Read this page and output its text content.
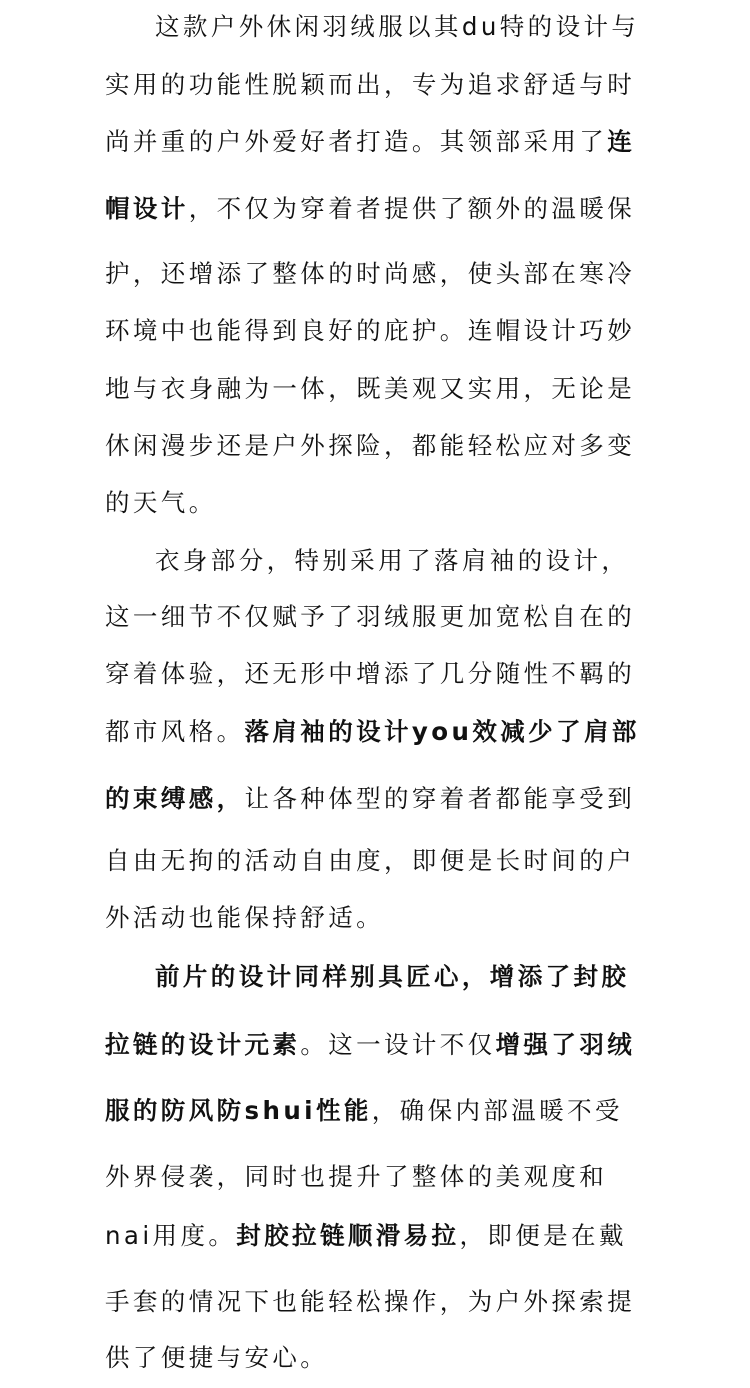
这款户外休闲羽绒服以其du特的设计与
实用的功能性脱颖而出，专为追求舒适与时
尚并重的户外爱好者打造。其领部采用了连
帽设计，不仅为穿着者提供了额外的温暖保
护，还增添了整体的时尚感，使头部在寒冷
环境中也能得到良好的庇护。连帽设计巧妙
地与衣身融为一体，既美观又实用，无论是
休闲漫步还是户外探险，都能轻松应对多变
的天气。
衣身部分，特别采用了落肩袖的设计，
这一细节不仅赋予了羽绒服更加宽松自在的
穿着体验，还无形中增添了几分随性不羁的
都市风格。落肩袖的设计you效减少了肩部
的束缚感，让各种体型的穿着者都能享受到
自由无拘的活动自由度，即便是长时间的户
外活动也能保持舒适。
前片的设计同样别具匠心，增添了封胶
拉链的设计元素。这一设计不仅增强了羽绒
服的防风防shui性能，确保内部温暖不受
外界侵袭，同时也提升了整体的美观度和
nai用度。封胶拉链顺滑易拉，即便是在戴
手套的情况下也能轻松操作，为户外探索提
供了便捷与安心。
